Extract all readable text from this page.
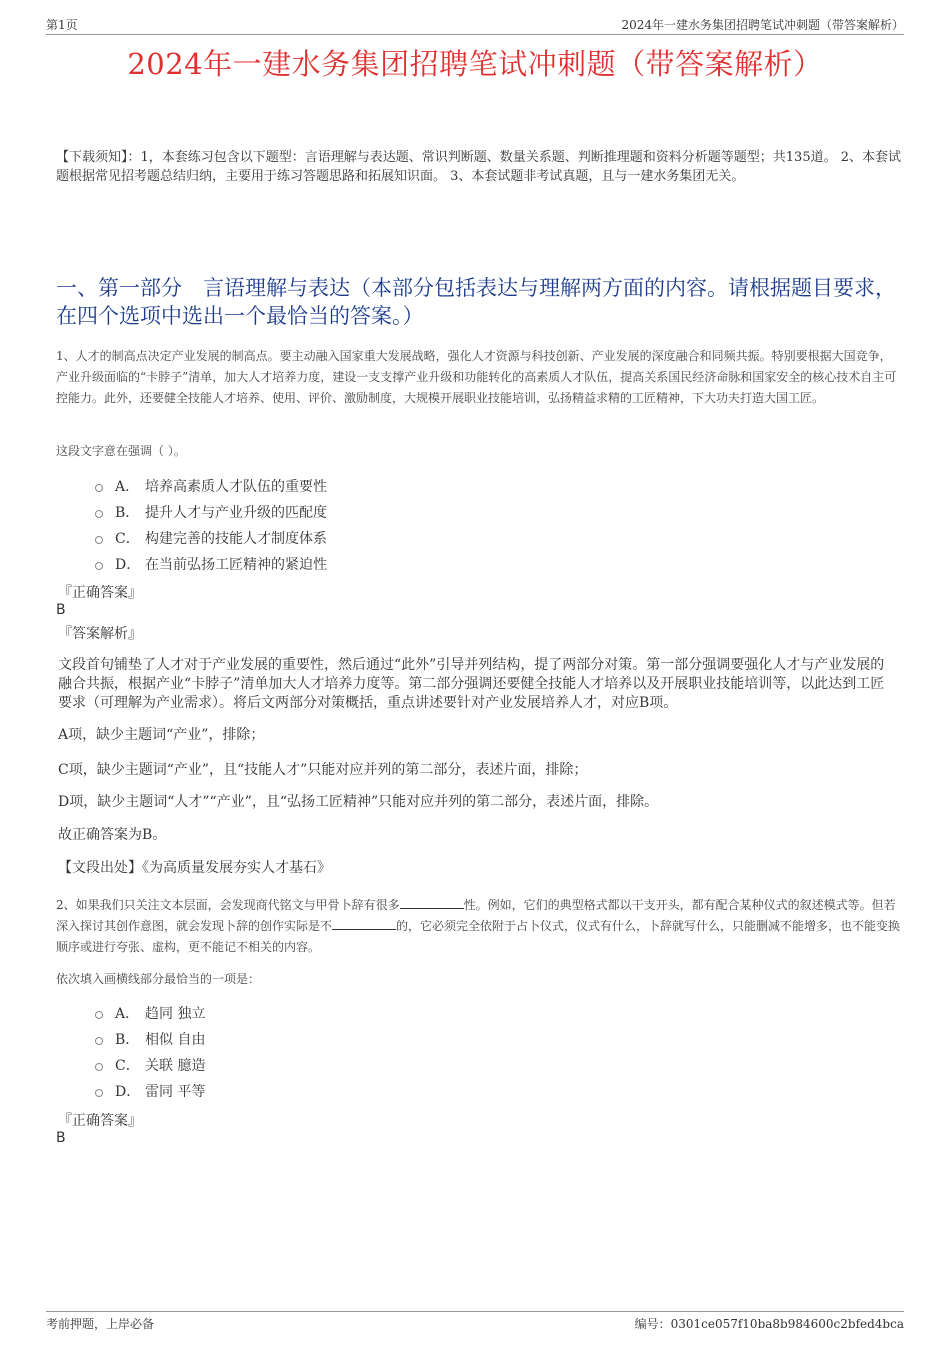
第1页	2024年一建水务集团招聘笔试冲刺题（带答案解析）
2024年一建水务集团招聘笔试冲刺题（带答案解析）
【下载须知】：1，本套练习包含以下题型：言语理解与表达题、常识判断题、数量关系题、判断推理题和资料分析题等题型；共135道。 2、本套试题根据常见招考题总结归纳，主要用于练习答题思路和拓展知识面。 3、本套试题非考试真题，且与一建水务集团无关。
一、第一部分　言语理解与表达（本部分包括表达与理解两方面的内容。请根据题目要求，在四个选项中选出一个最恰当的答案。）
1、人才的制高点决定产业发展的制高点。要主动融入国家重大发展战略，强化人才资源与科技创新、产业发展的深度融合和同频共振。特别要根据大国竞争，产业升级面临的“卡脖子”清单，加大人才培养力度，建设一支支撑产业升级和功能转化的高素质人才队伍，提高关系国民经济命脉和国家安全的核心技术自主可控能力。此外，还要健全技能人才培养、使用、评价、激励制度，大规模开展职业技能培训，弘扬精益求精的工匠精神，下大功夫打造大国工匠。
这段文字意在强调（ ）。
A． 培养高素质人才队伍的重要性
B． 提升人才与产业升级的匹配度
C． 构建完善的技能人才制度体系
D． 在当前弘扬工匠精神的紧迫性
『正确答案』
B
『答案解析』
文段首句铺垫了人才对于产业发展的重要性，然后通过“此外”引导并列结构，提了两部分对策。第一部分强调要强化人才与产业发展的融合共振，根据产业“卡脖子”清单加大人才培养力度等。第二部分强调还要健全技能人才培养以及开展职业技能培训等，以此达到工匠要求（可理解为产业需求）。将后文两部分对策概括，重点讲述要针对产业发展培养人才，对应B项。
A项，缺少主题词“产业”，排除；
C项，缺少主题词“产业”，且“技能人才”只能对应并列的第二部分，表述片面，排除；
D项，缺少主题词“人才”“产业”，且“弘扬工匠精神”只能对应并列的第二部分，表述片面，排除。
故正确答案为B。
【文段出处】《为高质量发展夯实人才基石》
2、如果我们只关注文本层面，会发现商代铭文与甲骨卜辞有很多	性。例如，它们的典型格式都以干支开头，都有配合某种仪式的叙述模式等。但若深入探讨其创作意图，就会发现卜辞的创作实际是不	的，它必须完全依附于占卜仪式，仪式有什么，卜辞就写什么，只能删减不能增多，也不能变换顺序或进行夸张、虚构，更不能记不相关的内容。
依次填入画横线部分最恰当的一项是：
A． 趋同 独立
B． 相似 自由
C． 关联 臆造
D． 雷同 平等
『正确答案』
B
考前押题，上岸必备	编号：0301ce057f10ba8b984600c2bfed4bca
